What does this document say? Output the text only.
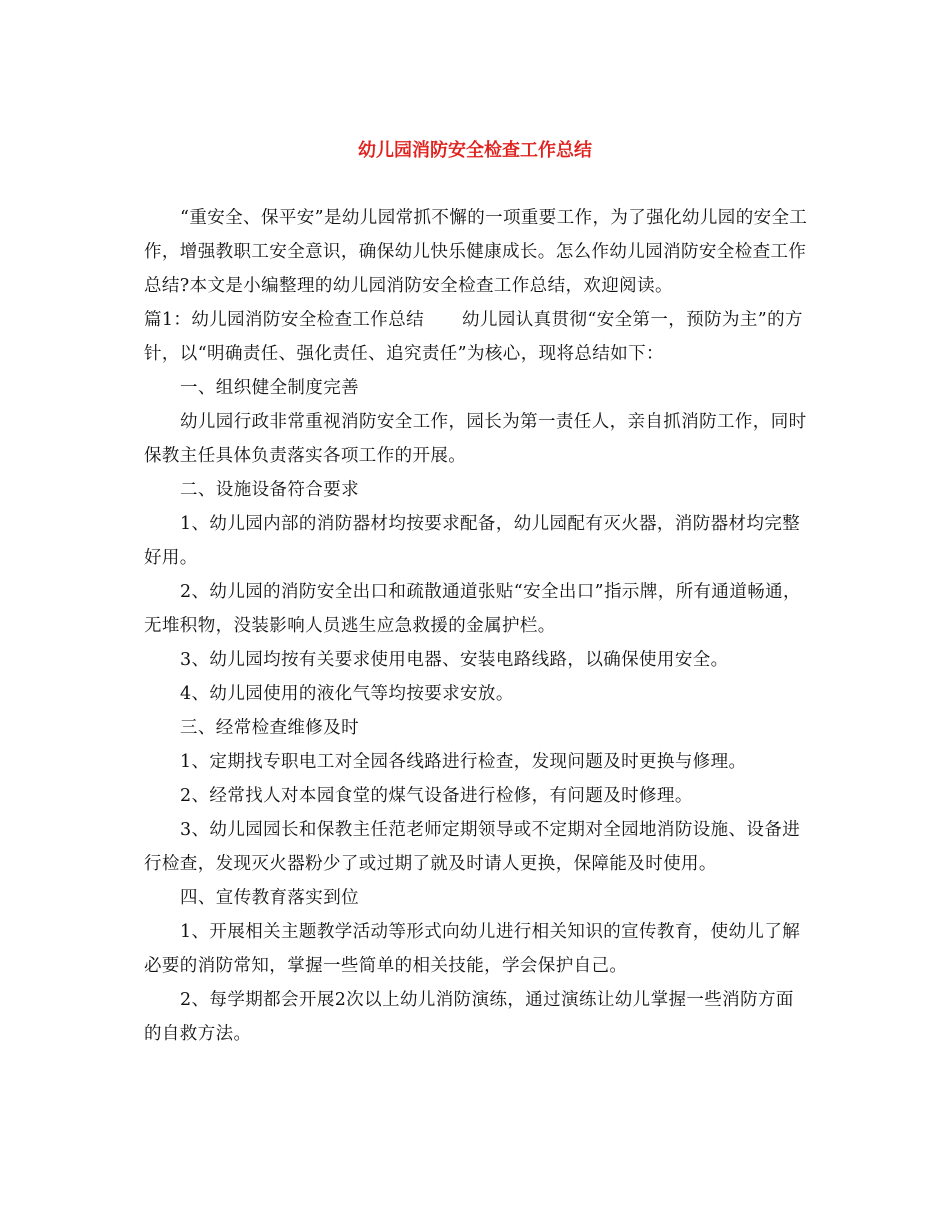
幼儿园消防安全检查工作总结

“重安全、保平安”是幼儿园常抓不懈的一项重要工作，为了强化幼儿园的安全工作，增强教职工安全意识，确保幼儿快乐健康成长。怎么作幼儿园消防安全检查工作总结?本文是小编整理的幼儿园消防安全检查工作总结，欢迎阅读。

篇1：幼儿园消防安全检查工作总结 幼儿园认真贯彻“安全第一，预防为主”的方针，以“明确责任、强化责任、追究责任”为核心，现将总结如下：

一、组织健全制度完善

幼儿园行政非常重视消防安全工作，园长为第一责任人，亲自抓消防工作，同时保教主任具体负责落实各项工作的开展。

二、设施设备符合要求

1、幼儿园内部的消防器材均按要求配备，幼儿园配有灭火器，消防器材均完整好用。

2、幼儿园的消防安全出口和疏散通道张贴“安全出口”指示牌，所有通道畅通，无堆积物，没装影响人员逃生应急救援的金属护栏。

3、幼儿园均按有关要求使用电器、安装电路线路，以确保使用安全。

4、幼儿园使用的液化气等均按要求安放。

三、经常检查维修及时

1、定期找专职电工对全园各线路进行检查，发现问题及时更换与修理。

2、经常找人对本园食堂的煤气设备进行检修，有问题及时修理。

3、幼儿园园长和保教主任范老师定期领导或不定期对全园地消防设施、设备进行检查，发现灭火器粉少了或过期了就及时请人更换，保障能及时使用。

四、宣传教育落实到位

1、开展相关主题教学活动等形式向幼儿进行相关知识的宣传教育，使幼儿了解必要的消防常知，掌握一些简单的相关技能，学会保护自己。

2、每学期都会开展2次以上幼儿消防演练，通过演练让幼儿掌握一些消防方面的自救方法。
